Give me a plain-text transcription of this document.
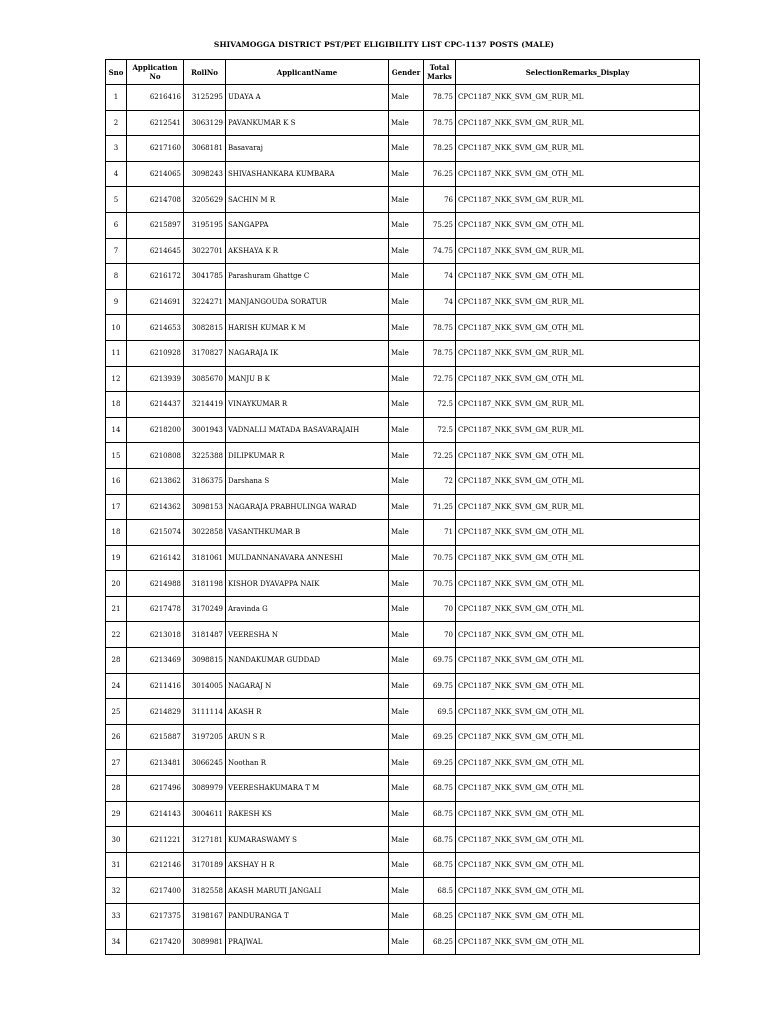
SHIVAMOGGA DISTRICT PST/PET ELIGIBILITY LIST CPC-1137 POSTS (MALE)
Sno	Application No	RollNo	ApplicantName	Gender	Total Marks	SelectionRemarks_Display
1	6216416	3125295	UDAYA A	Male	78.75	CPC1187_NKK_SVM_GM_RUR_ML
2	6212541	3063129	PAVANKUMAR K S	Male	78.75	CPC1187_NKK_SVM_GM_RUR_ML
3	6217160	3068181	Basavaraj	Male	78.25	CPC1187_NKK_SVM_GM_RUR_ML
4	6214065	3098243	SHIVASHANKARA KUMBARA	Male	76.25	CPC1187_NKK_SVM_GM_OTH_ML
5	6214708	3205629	SACHIN M R	Male	76	CPC1187_NKK_SVM_GM_RUR_ML
6	6215897	3195195	SANGAPPA	Male	75.25	CPC1187_NKK_SVM_GM_OTH_ML
7	6214645	3022701	AKSHAYA K R	Male	74.75	CPC1187_NKK_SVM_GM_RUR_ML
8	6216172	3041785	Parashuram Ghattge C	Male	74	CPC1187_NKK_SVM_GM_OTH_ML
9	6214691	3224271	MANJANGOUDA SORATUR	Male	74	CPC1187_NKK_SVM_GM_RUR_ML
10	6214653	3082815	HARISH KUMAR K M	Male	78.75	CPC1187_NKK_SVM_GM_OTH_ML
11	6210928	3170827	NAGARAJA IK	Male	78.75	CPC1187_NKK_SVM_GM_RUR_ML
12	6213939	3085670	MANJU B K	Male	72.75	CPC1187_NKK_SVM_GM_OTH_ML
18	6214437	3214419	VINAYKUMAR R	Male	72.5	CPC1187_NKK_SVM_GM_RUR_ML
14	6218200	3001943	VADNALLI MATADA BASAVARAJAIH	Male	72.5	CPC1187_NKK_SVM_GM_RUR_ML
15	6210808	3225388	DILIPKUMAR R	Male	72.25	CPC1187_NKK_SVM_GM_OTH_ML
16	6213862	3186375	Darshana S	Male	72	CPC1187_NKK_SVM_GM_OTH_ML
17	6214362	3098153	NAGARAJA PRABHULINGA WARAD	Male	71.25	CPC1187_NKK_SVM_GM_RUR_ML
18	6215074	3022858	VASANTHKUMAR B	Male	71	CPC1187_NKK_SVM_GM_OTH_ML
19	6216142	3181061	MULDANNANAVARA ANNESHI	Male	70.75	CPC1187_NKK_SVM_GM_OTH_ML
20	6214988	3181198	KISHOR DYAVAPPA NAIK	Male	70.75	CPC1187_NKK_SVM_GM_OTH_ML
21	6217478	3170249	Aravinda G	Male	70	CPC1187_NKK_SVM_GM_OTH_ML
22	6213018	3181487	VEERESHA N	Male	70	CPC1187_NKK_SVM_GM_OTH_ML
28	6213469	3098815	NANDAKUMAR GUDDAD	Male	69.75	CPC1187_NKK_SVM_GM_OTH_ML
24	6211416	3014005	NAGARAJ N	Male	69.75	CPC1187_NKK_SVM_GM_OTH_ML
25	6214829	3111114	AKASH R	Male	69.5	CPC1187_NKK_SVM_GM_OTH_ML
26	6215887	3197205	ARUN S R	Male	69.25	CPC1187_NKK_SVM_GM_OTH_ML
27	6213481	3066245	Noothan R	Male	69.25	CPC1187_NKK_SVM_GM_OTH_ML
28	6217496	3089979	VEERESHAKUMARA T M	Male	68.75	CPC1187_NKK_SVM_GM_OTH_ML
29	6214143	3004611	RAKESH KS	Male	68.75	CPC1187_NKK_SVM_GM_OTH_ML
30	6211221	3127181	KUMARASWAMY S	Male	68.75	CPC1187_NKK_SVM_GM_OTH_ML
31	6212146	3170189	AKSHAY H R	Male	68.75	CPC1187_NKK_SVM_GM_OTH_ML
32	6217400	3182558	AKASH MARUTI JANGALI	Male	68.5	CPC1187_NKK_SVM_GM_OTH_ML
33	6217375	3198167	PANDURANGA T	Male	68.25	CPC1187_NKK_SVM_GM_OTH_ML
34	6217420	3089981	PRAJWAL	Male	68.25	CPC1187_NKK_SVM_GM_OTH_ML
